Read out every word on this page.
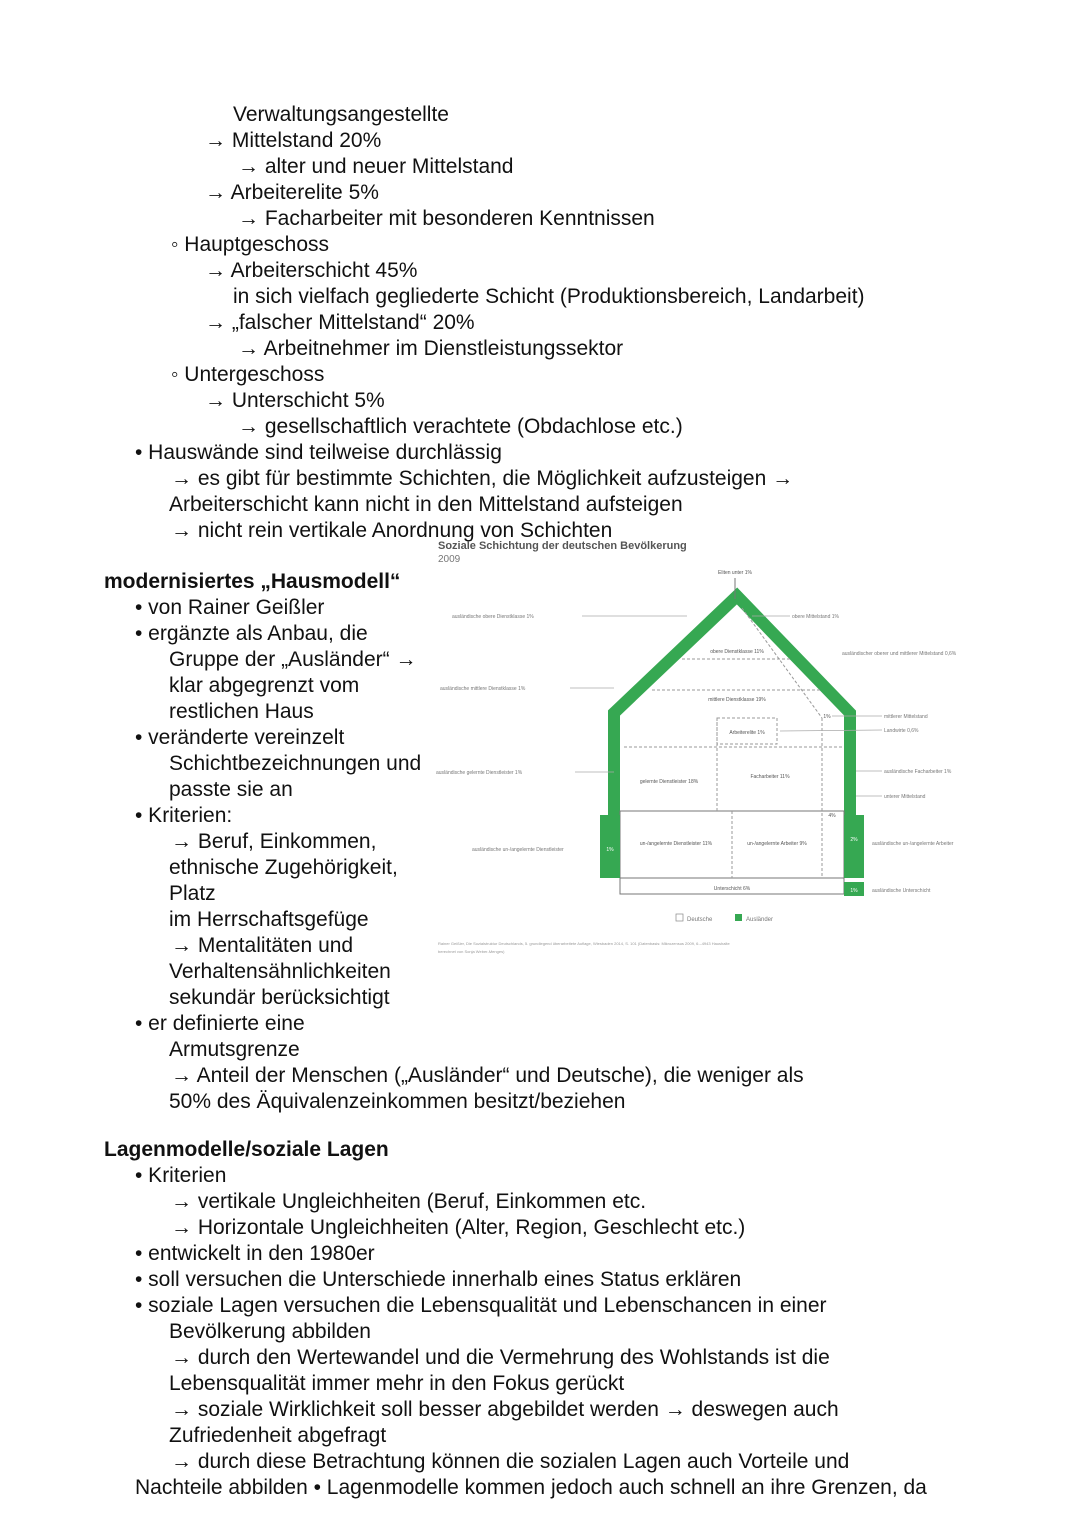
Verwaltungsangestellte
→ Mittelstand 20%
→ alter und neuer Mittelstand
→ Arbeiterelite 5%
→ Facharbeiter mit besonderen Kenntnissen
◦ Hauptgeschoss
→ Arbeiterschicht 45%
in sich vielfach gegliederte Schicht (Produktionsbereich, Landarbeit)
→ „falscher Mittelstand“ 20%
→ Arbeitnehmer im Dienstleistungssektor
◦ Untergeschoss
→ Unterschicht 5%
→ gesellschaftlich verachtete (Obdachlose etc.)
• Hauswände sind teilweise durchlässig
→ es gibt für bestimmte Schichten, die Möglichkeit aufzusteigen →
Arbeiterschicht kann nicht in den Mittelstand aufsteigen
→ nicht rein vertikale Anordnung von Schichten
modernisiertes „Hausmodell“
• von Rainer Geißler
• ergänzte als Anbau, die
Gruppe der „Ausländer“ →
klar abgegrenzt vom
restlichen Haus
• veränderte vereinzelt
Schichtbezeichnungen und
passte sie an
• Kriterien:
→ Beruf, Einkommen,
ethnische Zugehörigkeit,
Platz
im Herrschaftsgefüge
→ Mentalitäten und
Verhaltensähnlichkeiten
sekundär berücksichtigt
• er definierte eine
Armutsgrenze
→ Anteil der Menschen („Ausländer“ und Deutsche), die weniger als
50% des Äquivalenzeinkommen besitzt/beziehen
Soziale Schichtung der deutschen Bevölkerung
2009
1%
2%
1%
Eliten unter 1%
obere Dienstklasse 11%
mittlere Dienstklasse 19%
Arbeiterelite 1%
1%
gelernte Dienstleister 18%
Facharbeiter 11%
4%
un-/angelernte Dienstleister 11%	un-/angelernte Arbeiter 9%
Unterschicht 6%
ausländische obere Dienstklasse 1%
ausländische mittlere Dienstklasse 1%
ausländische gelernte Dienstleister 1%
ausländische un-/angelernte Dienstleister
obere Mittelstand 1%
ausländischer oberer und mittlerer Mittelstand 0,6%
mittlerer Mittelstand
Landwirte 0,6%
ausländische Facharbeiter 1%
unterer Mittelstand
ausländische un-/angelernte Arbeiter
ausländische Unterschicht
Deutsche	Ausländer
Rainer Geißler, Die Sozialstruktur Deutschlands, 5. grundlegend überarbeitete Auflage, Wiesbaden 2014, S. 101 (Datenbasis: Mikrozensus 2009, 6.–4943 Haushalte
berechnet von Sonja Weber-Menges)
Lagenmodelle/soziale Lagen
• Kriterien
→ vertikale Ungleichheiten (Beruf, Einkommen etc.
→ Horizontale Ungleichheiten (Alter, Region, Geschlecht etc.)
• entwickelt in den 1980er
• soll versuchen die Unterschiede innerhalb eines Status erklären
• soziale Lagen versuchen die Lebensqualität und Lebenschancen in einer
Bevölkerung abbilden
→ durch den Wertewandel und die Vermehrung des Wohlstands ist die
Lebensqualität immer mehr in den Fokus gerückt
→ soziale Wirklichkeit soll besser abgebildet werden → deswegen auch
Zufriedenheit abgefragt
→ durch diese Betrachtung können die sozialen Lagen auch Vorteile und
Nachteile abbilden • Lagenmodelle kommen jedoch auch schnell an ihre Grenzen, da
